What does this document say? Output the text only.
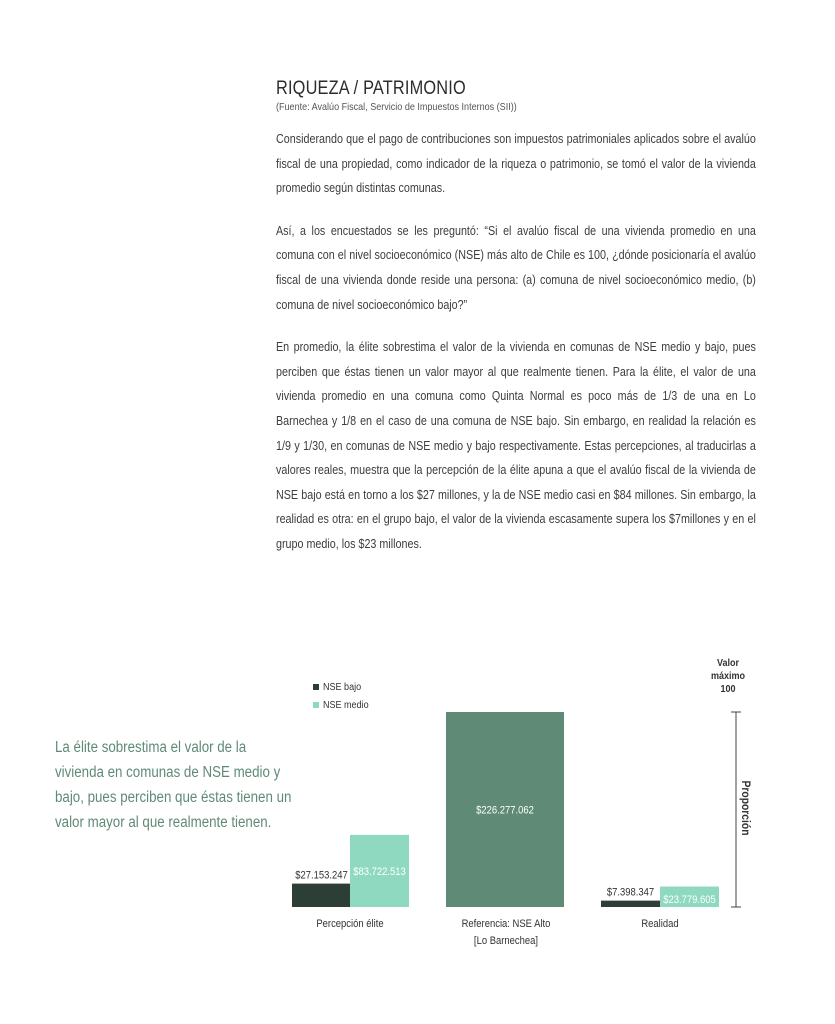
RIQUEZA / PATRIMONIO
(Fuente: Avalúo Fiscal, Servicio de Impuestos Internos (SII))

Considerando que el pago de contribuciones son impuestos patrimoniales aplicados sobre el avalúo fiscal de una propiedad, como indicador de la riqueza o patrimonio, se tomó el valor de la vivienda promedio según distintas comunas.

Así, a los encuestados se les preguntó: “Si el avalúo fiscal de una vivienda promedio en una comuna con el nivel socioeconómico (NSE) más alto de Chile es 100, ¿dónde posicionaría el avalúo fiscal de una vivienda donde reside una persona: (a) comuna de nivel socioeconómico medio, (b) comuna de nivel socioeconómico bajo?”

En promedio, la élite sobrestima el valor de la vivienda en comunas de NSE medio y bajo, pues perciben que éstas tienen un valor mayor al que realmente tienen. Para la élite, el valor de una vivienda promedio en una comuna como Quinta Normal es poco más de 1/3 de una en Lo Barnechea y 1/8 en el caso de una comuna de NSE bajo. Sin embargo, en realidad la relación es 1/9 y 1/30, en comunas de NSE medio y bajo respectivamente. Estas percepciones, al traducirlas a valores reales, muestra que la percepción de la élite apuna a que el avalúo fiscal de la vivienda de NSE bajo está en torno a los $27 millones, y la de NSE medio casi en $84 millones. Sin embargo, la realidad es otra: en el grupo bajo, el valor de la vivienda escasamente supera los $7millones y en el grupo medio, los $23 millones.

La élite sobrestima el valor de la vivienda en comunas de NSE medio y bajo, pues perciben que éstas tienen un valor mayor al que realmente tienen.
$27.153.247 $83.722.513
$226.277.062
$7.398.347
$23.779.605
Percepción élite	Referencia: NSE Alto
[Lo Barnechea]
Realidad
NSE bajo
NSE medio
Valor
máximo
100
Proporción
